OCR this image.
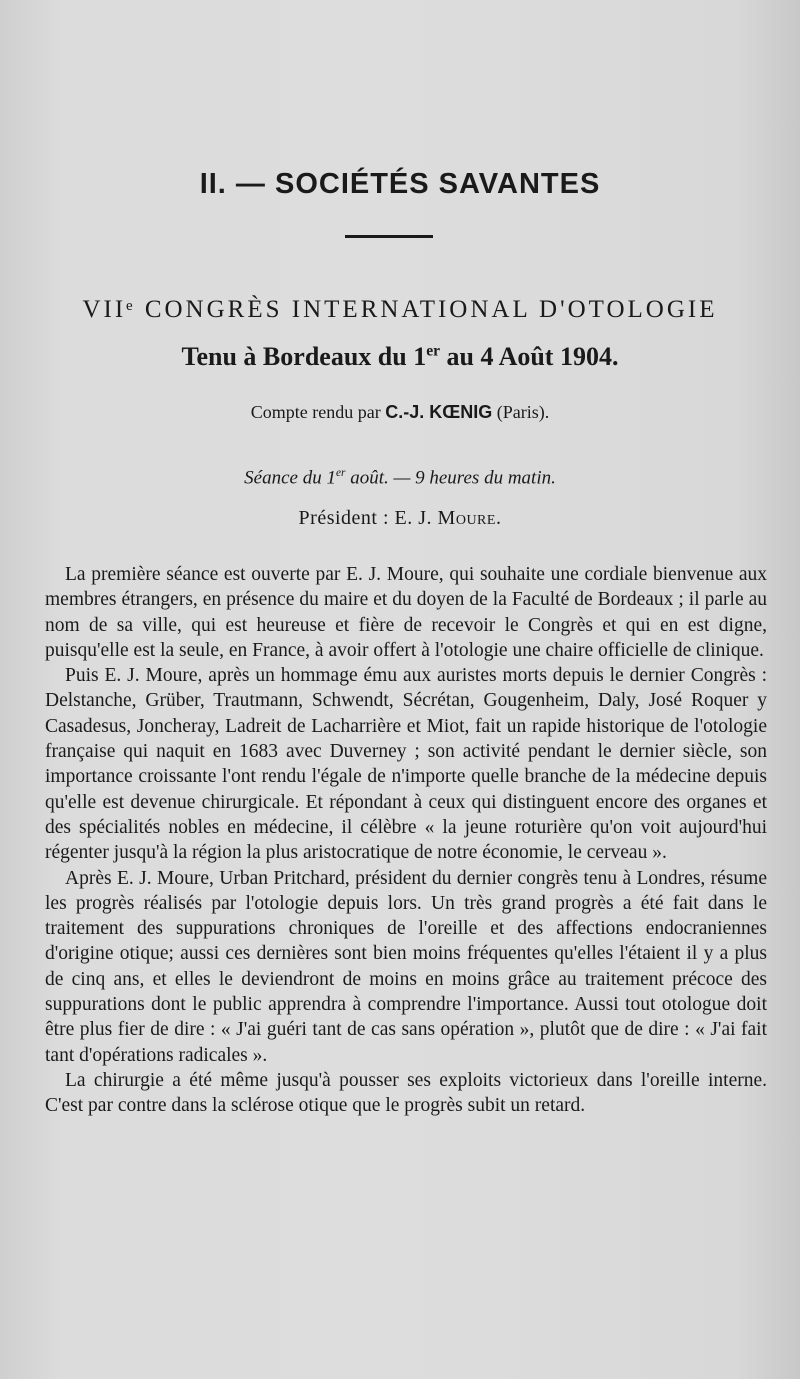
II. — SOCIÉTÉS SAVANTES
VIIᵉ CONGRÈS INTERNATIONAL D'OTOLOGIE
Tenu à Bordeaux du 1er au 4 Août 1904.
Compte rendu par C.-J. KŒNIG (Paris).
Séance du 1er août. — 9 heures du matin.
Président : E. J. Moure.

La première séance est ouverte par E. J. Moure, qui souhaite une cordiale bienvenue aux membres étrangers, en présence du maire et du doyen de la Faculté de Bordeaux ; il parle au nom de sa ville, qui est heureuse et fière de recevoir le Congrès et qui en est digne, puisqu'elle est la seule, en France, à avoir offert à l'otologie une chaire officielle de clinique.

Puis E. J. Moure, après un hommage ému aux auristes morts depuis le dernier Congrès : Delstanche, Grüber, Trautmann, Schwendt, Sécrétan, Gougenheim, Daly, José Roquer y Casadesus, Joncheray, Ladreit de Lacharrière et Miot, fait un rapide historique de l'otologie française qui naquit en 1683 avec Duverney ; son activité pendant le dernier siècle, son importance croissante l'ont rendu l'égale de n'importe quelle branche de la médecine depuis qu'elle est devenue chirurgicale. Et répondant à ceux qui distinguent encore des organes et des spécialités nobles en médecine, il célèbre « la jeune roturière qu'on voit aujourd'hui régenter jusqu'à la région la plus aristocratique de notre économie, le cerveau ».

Après E. J. Moure, Urban Pritchard, président du dernier congrès tenu à Londres, résume les progrès réalisés par l'otologie depuis lors. Un très grand progrès a été fait dans le traitement des suppurations chroniques de l'oreille et des affections endocraniennes d'origine otique; aussi ces dernières sont bien moins fréquentes qu'elles l'étaient il y a plus de cinq ans, et elles le deviendront de moins en moins grâce au traitement précoce des suppurations dont le public apprendra à comprendre l'importance. Aussi tout otologue doit être plus fier de dire : « J'ai guéri tant de cas sans opération », plutôt que de dire : « J'ai fait tant d'opérations radicales ».

La chirurgie a été même jusqu'à pousser ses exploits victorieux dans l'oreille interne. C'est par contre dans la sclérose otique que le progrès subit un retard.
